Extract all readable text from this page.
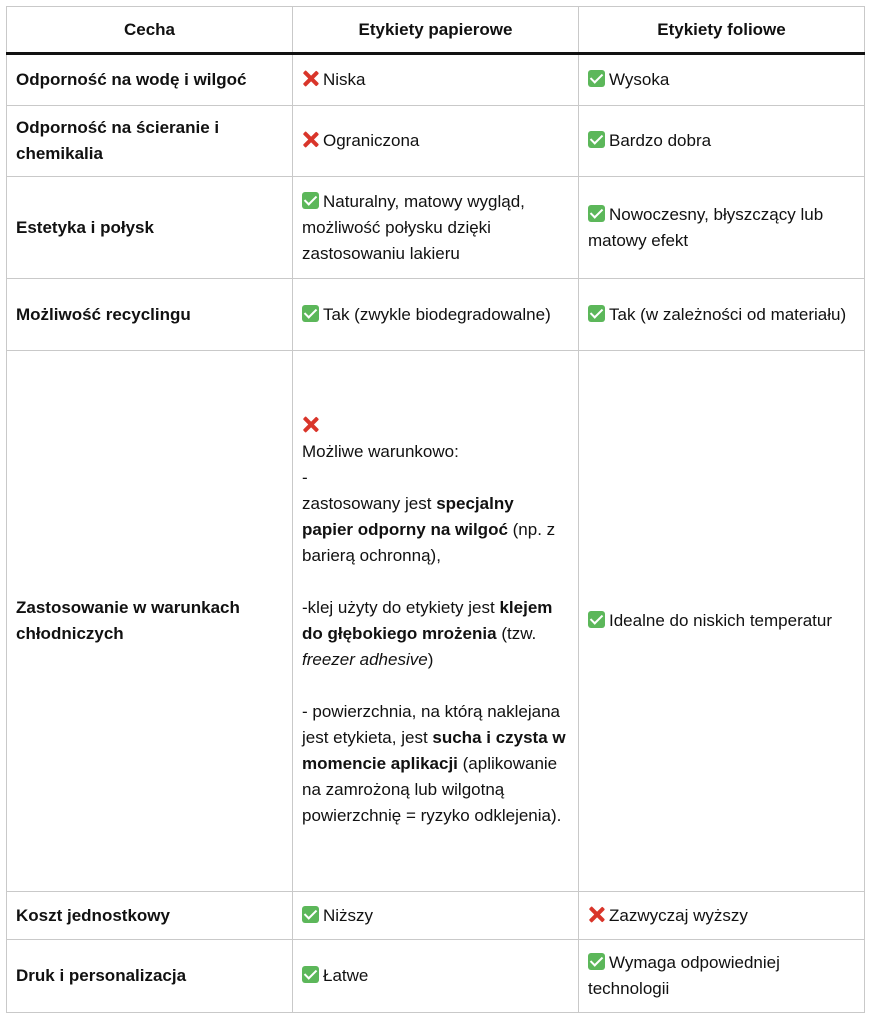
Cecha	Etykiety papierowe	Etykiety foliowe
Odporność na wodę i wilgoć	Niska	Wysoka
Odporność na ścieranie i chemikalia	Ograniczona	Bardzo dobra
Estetyka i połysk	Naturalny, matowy wygląd, możliwość połysku dzięki zastosowaniu lakieru	Nowoczesny, błyszczący lub matowy efekt
Możliwość recyclingu	Tak (zwykle biodegradowalne)	Tak (w zależności od materiału)
Zastosowanie w warunkach chłodniczych	Możliwe warunkowo:
-
zastosowany jest specjalny papier odporny na wilgoć (np. z barierą ochronną),
-klej użyty do etykiety jest klejem do głębokiego mrożenia (tzw. freezer adhesive)
- powierzchnia, na którą naklejana jest etykieta, jest sucha i czysta w momencie aplikacji (aplikowanie na zamrożoną lub wilgotną powierzchnię = ryzyko odklejenia).	Idealne do niskich temperatur
Koszt jednostkowy	Niższy	Zazwyczaj wyższy
Druk i personalizacja	Łatwe	Wymaga odpowiedniej technologii
